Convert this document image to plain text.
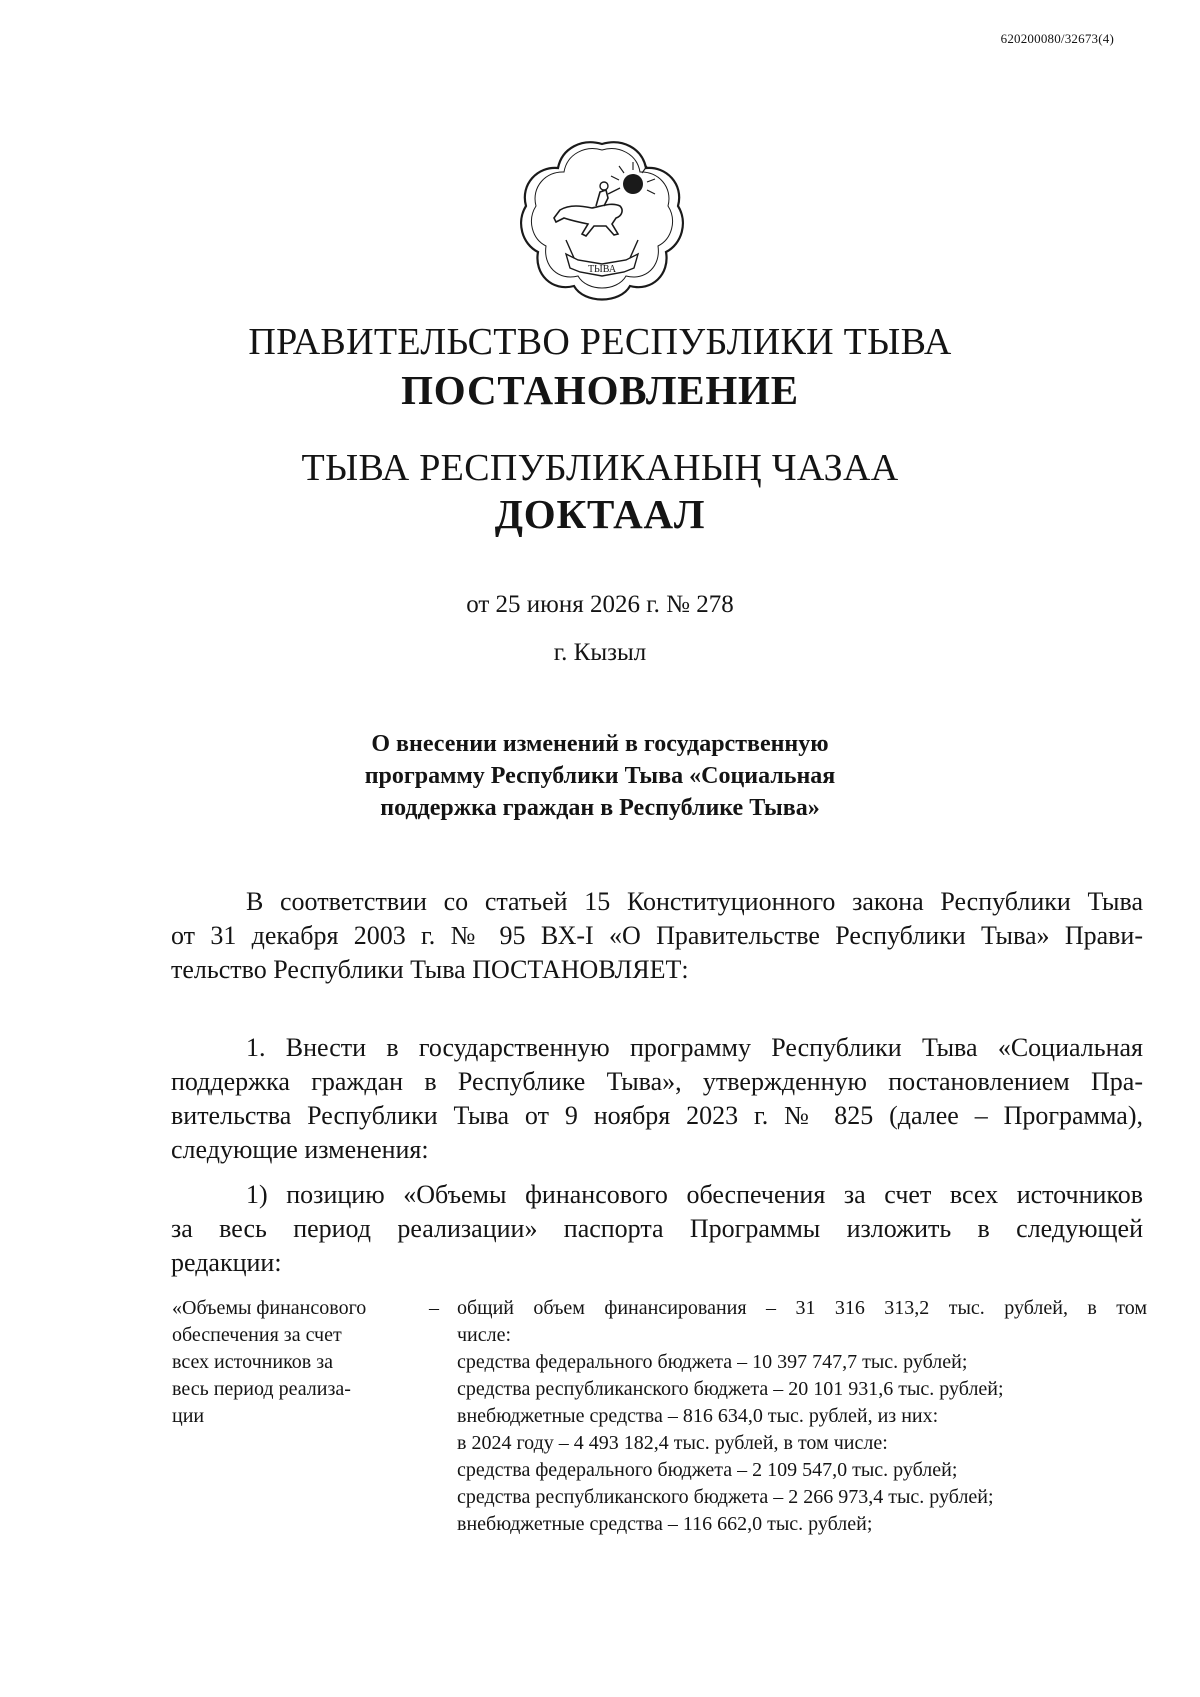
620200080/32673(4)
ТЫВА
ПРАВИТЕЛЬСТВО РЕСПУБЛИКИ ТЫВА
ПОСТАНОВЛЕНИЕ
ТЫВА РЕСПУБЛИКАНЫҢ ЧАЗАА
ДОКТААЛ
от 25 июня 2026 г. № 278
г. Кызыл
О внесении изменений в государственную
программу Республики Тыва «Социальная
поддержка граждан в Республике Тыва»
В соответствии со статьей 15 Конституционного закона Республики Тыва
от 31 декабря 2003 г. № 95 ВХ-I «О Правительстве Республики Тыва» Прави-
тельство Республики Тыва ПОСТАНОВЛЯЕТ:
1. Внести в государственную программу Республики Тыва «Социальная
поддержка граждан в Республике Тыва», утвержденную постановлением Пра-
вительства Республики Тыва от 9 ноября 2023 г. № 825 (далее – Программа),
следующие изменения:
1) позицию «Объемы финансового обеспечения за счет всех источников
за весь период реализации» паспорта Программы изложить в следующей
редакции:
«Объемы финансового
обеспечения за счет
всех источников за
весь период реализа-
ции
– общий объем финансирования – 31 316 313,2 тыс. рублей, в том
числе:
средства федерального бюджета – 10 397 747,7 тыс. рублей;
средства республиканского бюджета – 20 101 931,6 тыс. рублей;
внебюджетные средства – 816 634,0 тыс. рублей, из них:
в 2024 году – 4 493 182,4 тыс. рублей, в том числе:
средства федерального бюджета – 2 109 547,0 тыс. рублей;
средства республиканского бюджета – 2 266 973,4 тыс. рублей;
внебюджетные средства – 116 662,0 тыс. рублей;
